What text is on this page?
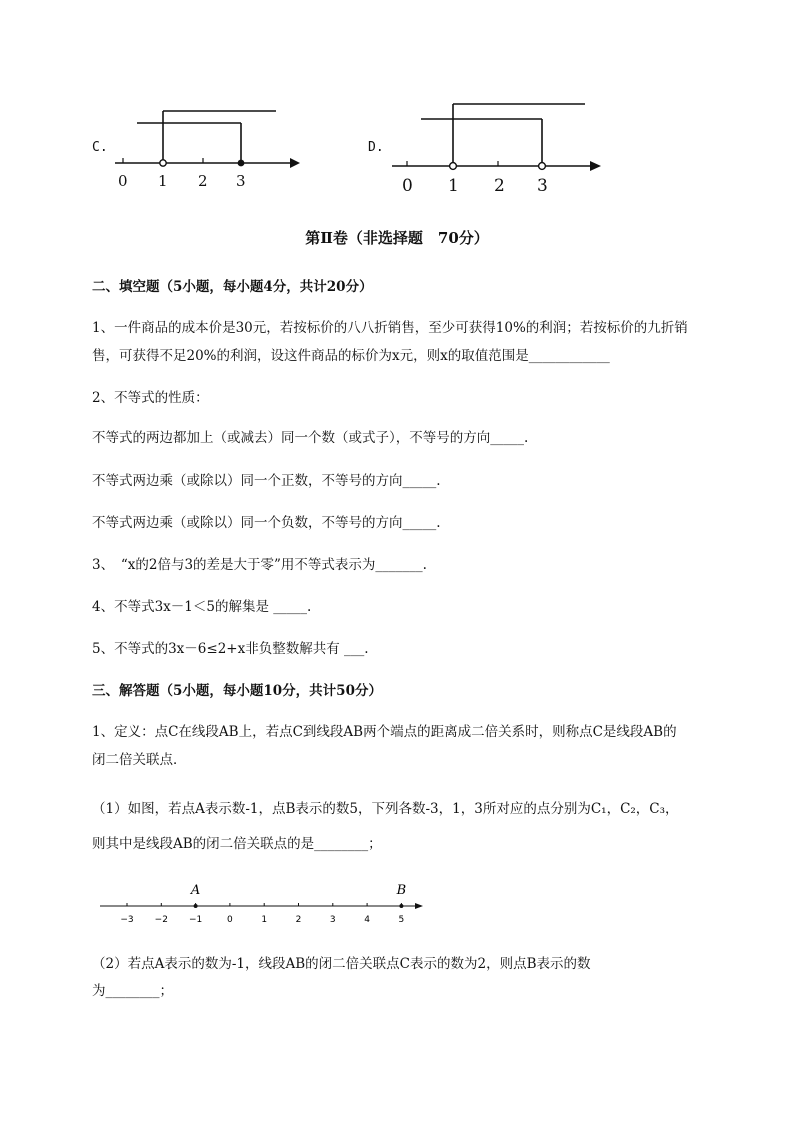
C.
0 1 2 3
D.
0 1 2 3
第Ⅱ卷（非选择题　70分）
二、填空题（5小题，每小题4分，共计20分）
1、一件商品的成本价是30元，若按标价的八八折销售，至少可获得10%的利润；若按标价的九折销
售，可获得不足20%的利润，设这件商品的标价为x元，则x的取值范围是____________
2、不等式的性质：
不等式的两边都加上（或减去）同一个数（或式子），不等号的方向_____.
不等式两边乘（或除以）同一个正数，不等号的方向_____.
不等式两边乘（或除以）同一个负数，不等号的方向_____.
3、　“x的2倍与3的差是大于零”用不等式表示为_______.
4、不等式3x－1＜5的解集是 _____.
5、不等式的3x－6≤2+x非负整数解共有 ___.
三、解答题（5小题，每小题10分，共计50分）
1、定义：点C在线段AB上，若点C到线段AB两个端点的距离成二倍关系时，则称点C是线段AB的
闭二倍关联点．
（1）如图，若点A表示数-1，点B表示的数5，下列各数-3，1，3所对应的点分别为C₁，C₂，C₃，
则其中是线段AB的闭二倍关联点的是________；
−3 −2 −1	0	1	2	3	4	5
A	B
（2）若点A表示的数为-1，线段AB的闭二倍关联点C表示的数为2，则点B表示的数
为________；
